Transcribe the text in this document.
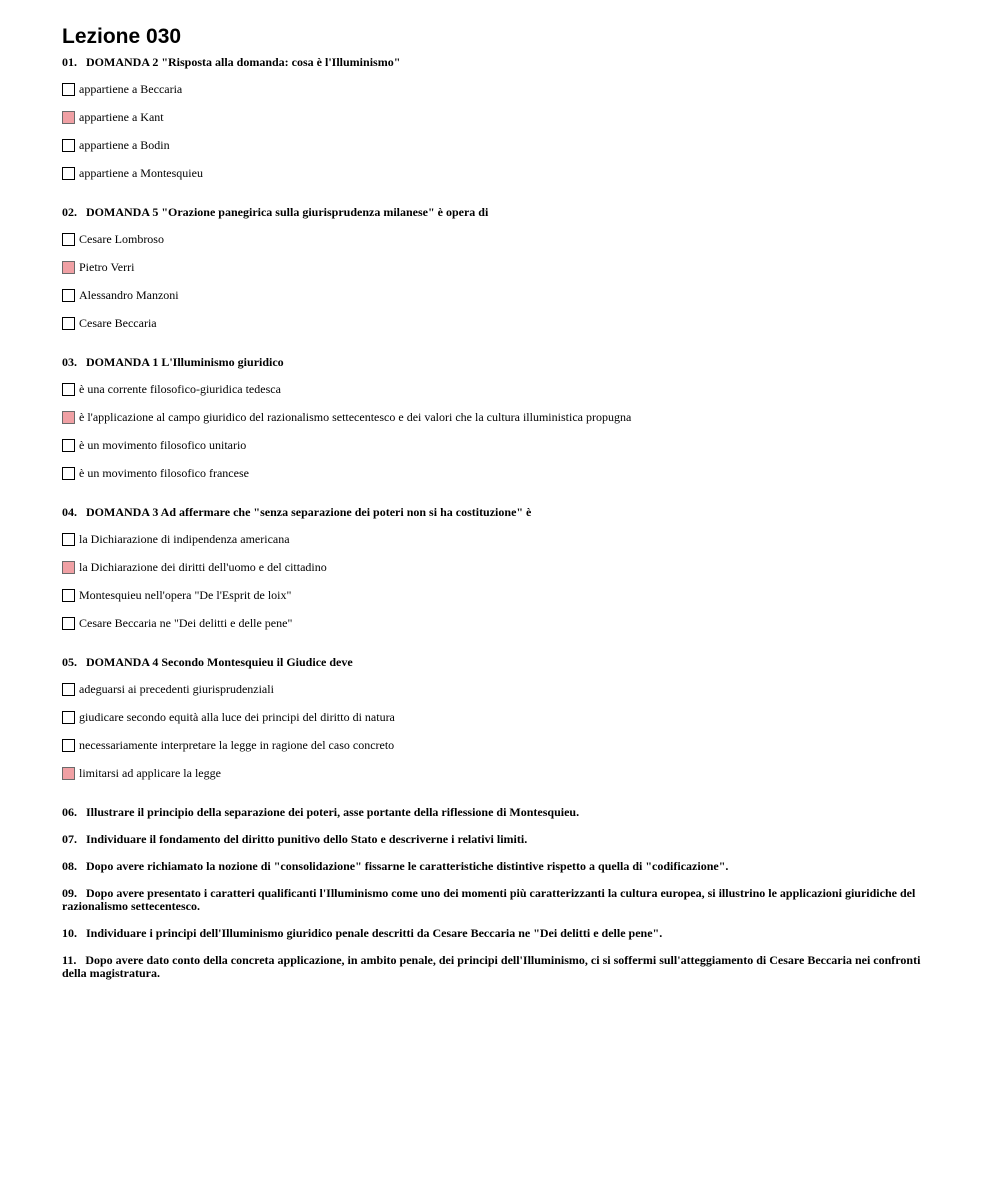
Lezione 030
01. DOMANDA 2 "Risposta alla domanda: cosa è l'Illuminismo"
appartiene a Beccaria
appartiene a Kant
appartiene a Bodin
appartiene a Montesquieu
02. DOMANDA 5 "Orazione panegirica sulla giurisprudenza milanese" è opera di
Cesare Lombroso
Pietro Verri
Alessandro Manzoni
Cesare Beccaria
03. DOMANDA 1 L'Illuminismo giuridico
è una corrente filosofico-giuridica tedesca
è l'applicazione al campo giuridico del razionalismo settecentesco e dei valori che la cultura illuministica propugna
è un movimento filosofico unitario
è un movimento filosofico francese
04. DOMANDA 3 Ad affermare che "senza separazione dei poteri non si ha costituzione" è
la Dichiarazione di indipendenza americana
la Dichiarazione dei diritti dell'uomo e del cittadino
Montesquieu nell'opera "De l'Esprit de loix"
Cesare Beccaria ne "Dei delitti e delle pene"
05. DOMANDA 4 Secondo Montesquieu il Giudice deve
adeguarsi ai precedenti giurisprudenziali
giudicare secondo equità alla luce dei principi del diritto di natura
necessariamente interpretare la legge in ragione del caso concreto
limitarsi ad applicare la legge
06. Illustrare il principio della separazione dei poteri, asse portante della riflessione di Montesquieu.
07. Individuare il fondamento del diritto punitivo dello Stato e descriverne i relativi limiti.
08. Dopo avere richiamato la nozione di "consolidazione" fissarne le caratteristiche distintive rispetto a quella di "codificazione".
09. Dopo avere presentato i caratteri qualificanti l'Illuminismo come uno dei momenti più caratterizzanti la cultura europea, si illustrino le applicazioni giuridiche del razionalismo settecentesco.
10. Individuare i principi dell'Illuminismo giuridico penale descritti da Cesare Beccaria ne "Dei delitti e delle pene".
11. Dopo avere dato conto della concreta applicazione, in ambito penale, dei principi dell'Illuminismo, ci si soffermi sull'atteggiamento di Cesare Beccaria nei confronti della magistratura.
